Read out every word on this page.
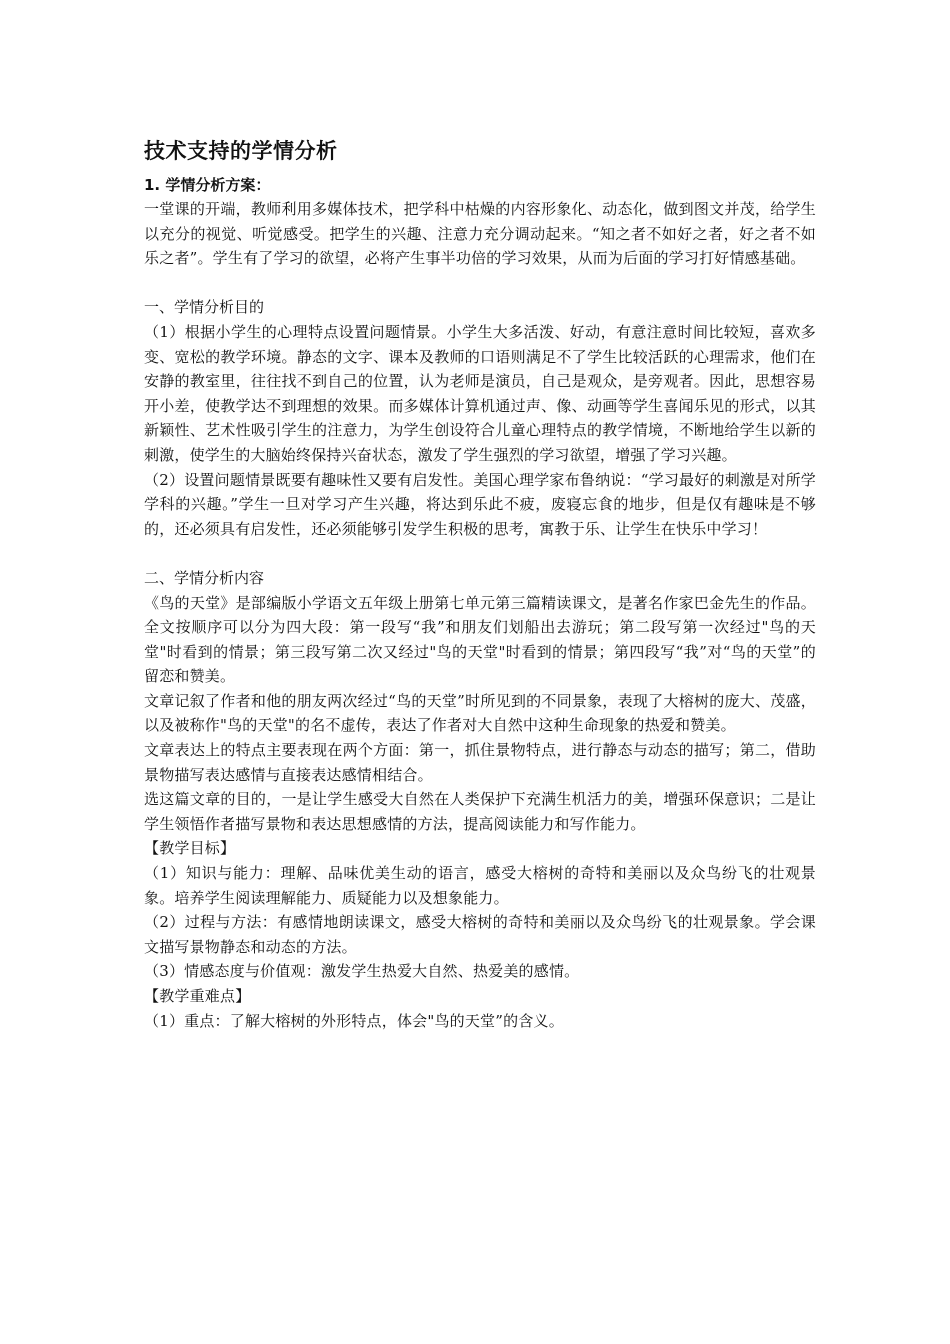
技术支持的学情分析

1. 学情分析方案：

一堂课的开端，教师利用多媒体技术，把学科中枯燥的内容形象化、动态化，做到图文并茂，给学生以充分的视觉、听觉感受。把学生的兴趣、注意力充分调动起来。“知之者不如好之者，好之者不如乐之者”。学生有了学习的欲望，必将产生事半功倍的学习效果，从而为后面的学习打好情感基础。

一、学情分析目的

（1）根据小学生的心理特点设置问题情景。小学生大多活泼、好动，有意注意时间比较短，喜欢多变、宽松的教学环境。静态的文字、课本及教师的口语则满足不了学生比较活跃的心理需求，他们在安静的教室里，往往找不到自己的位置，认为老师是演员，自己是观众，是旁观者。因此，思想容易开小差，使教学达不到理想的效果。而多媒体计算机通过声、像、动画等学生喜闻乐见的形式，以其新颖性、艺术性吸引学生的注意力，为学生创设符合儿童心理特点的教学情境，不断地给学生以新的刺激，使学生的大脑始终保持兴奋状态，激发了学生强烈的学习欲望，增强了学习兴趣。

（2）设置问题情景既要有趣味性又要有启发性。美国心理学家布鲁纳说：“学习最好的刺激是对所学学科的兴趣。”学生一旦对学习产生兴趣，将达到乐此不疲，废寝忘食的地步，但是仅有趣味是不够的，还必须具有启发性，还必须能够引发学生积极的思考，寓教于乐、让学生在快乐中学习！

二、学情分析内容

《鸟的天堂》是部编版小学语文五年级上册第七单元第三篇精读课文，是著名作家巴金先生的作品。全文按顺序可以分为四大段：第一段写“我”和朋友们划船出去游玩；第二段写第一次经过"鸟的天堂"时看到的情景；第三段写第二次又经过"鸟的天堂"时看到的情景；第四段写“我”对“鸟的天堂”的留恋和赞美。

文章记叙了作者和他的朋友两次经过“鸟的天堂”时所见到的不同景象，表现了大榕树的庞大、茂盛，以及被称作"鸟的天堂"的名不虚传，表达了作者对大自然中这种生命现象的热爱和赞美。

文章表达上的特点主要表现在两个方面：第一，抓住景物特点，进行静态与动态的描写；第二，借助景物描写表达感情与直接表达感情相结合。

选这篇文章的目的，一是让学生感受大自然在人类保护下充满生机活力的美，增强环保意识；二是让学生领悟作者描写景物和表达思想感情的方法，提高阅读能力和写作能力。

【教学目标】

（1）知识与能力：理解、品味优美生动的语言，感受大榕树的奇特和美丽以及众鸟纷飞的壮观景象。培养学生阅读理解能力、质疑能力以及想象能力。

（2）过程与方法：有感情地朗读课文，感受大榕树的奇特和美丽以及众鸟纷飞的壮观景象。学会课文描写景物静态和动态的方法。

（3）情感态度与价值观：激发学生热爱大自然、热爱美的感情。

【教学重难点】

（1）重点：了解大榕树的外形特点，体会"鸟的天堂”的含义。
